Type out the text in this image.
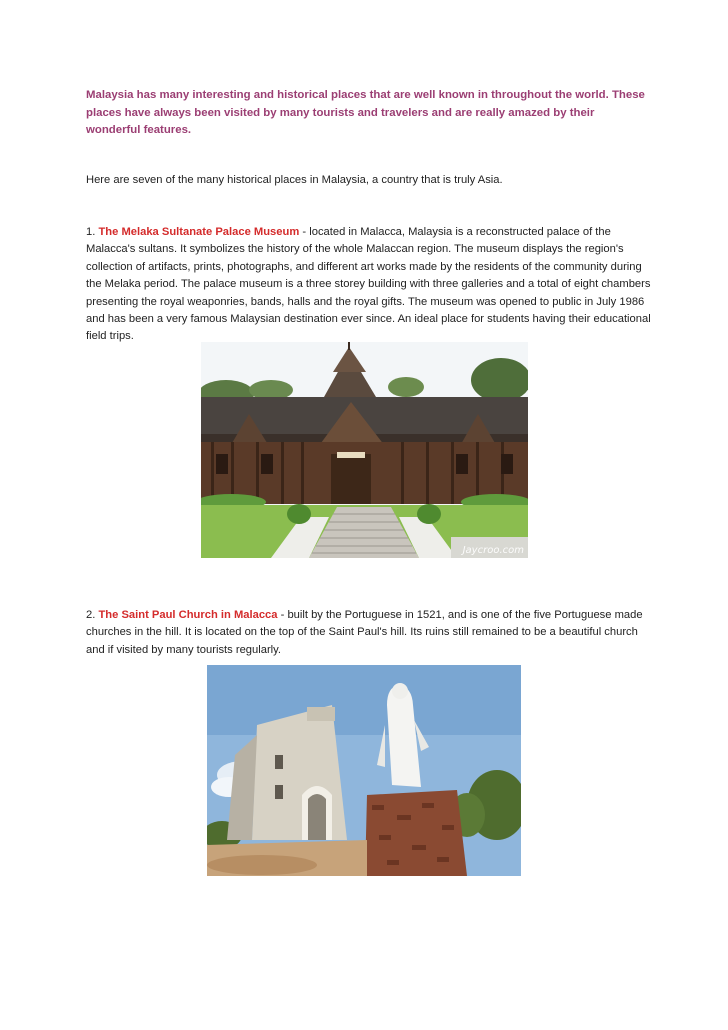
Malaysia has many interesting and historical places that are well known in throughout the world. These places have always been visited by many tourists and travelers and are really amazed by their wonderful features.

Here are seven of the many historical places in Malaysia, a country that is truly Asia.

1. The Melaka Sultanate Palace Museum - located in Malacca, Malaysia is a reconstructed palace of the Malacca's sultans. It symbolizes the history of the whole Malaccan region. The museum displays the region's collection of artifacts, prints, photographs, and different art works made by the residents of the community during the Melaka period. The palace museum is a three storey building with three galleries and a total of eight chambers presenting the royal weaponries, bands, halls and the royal gifts. The museum was opened to public in July 1986 and has been a very famous Malaysian destination ever since. An ideal place for students having their educational field trips.

Jaycroo.com

2. The Saint Paul Church in Malacca - built by the Portuguese in 1521, and is one of the five Portuguese made churches in the hill. It is located on the top of the Saint Paul's hill. Its ruins still remained to be a beautiful church and if visited by many tourists regularly.
